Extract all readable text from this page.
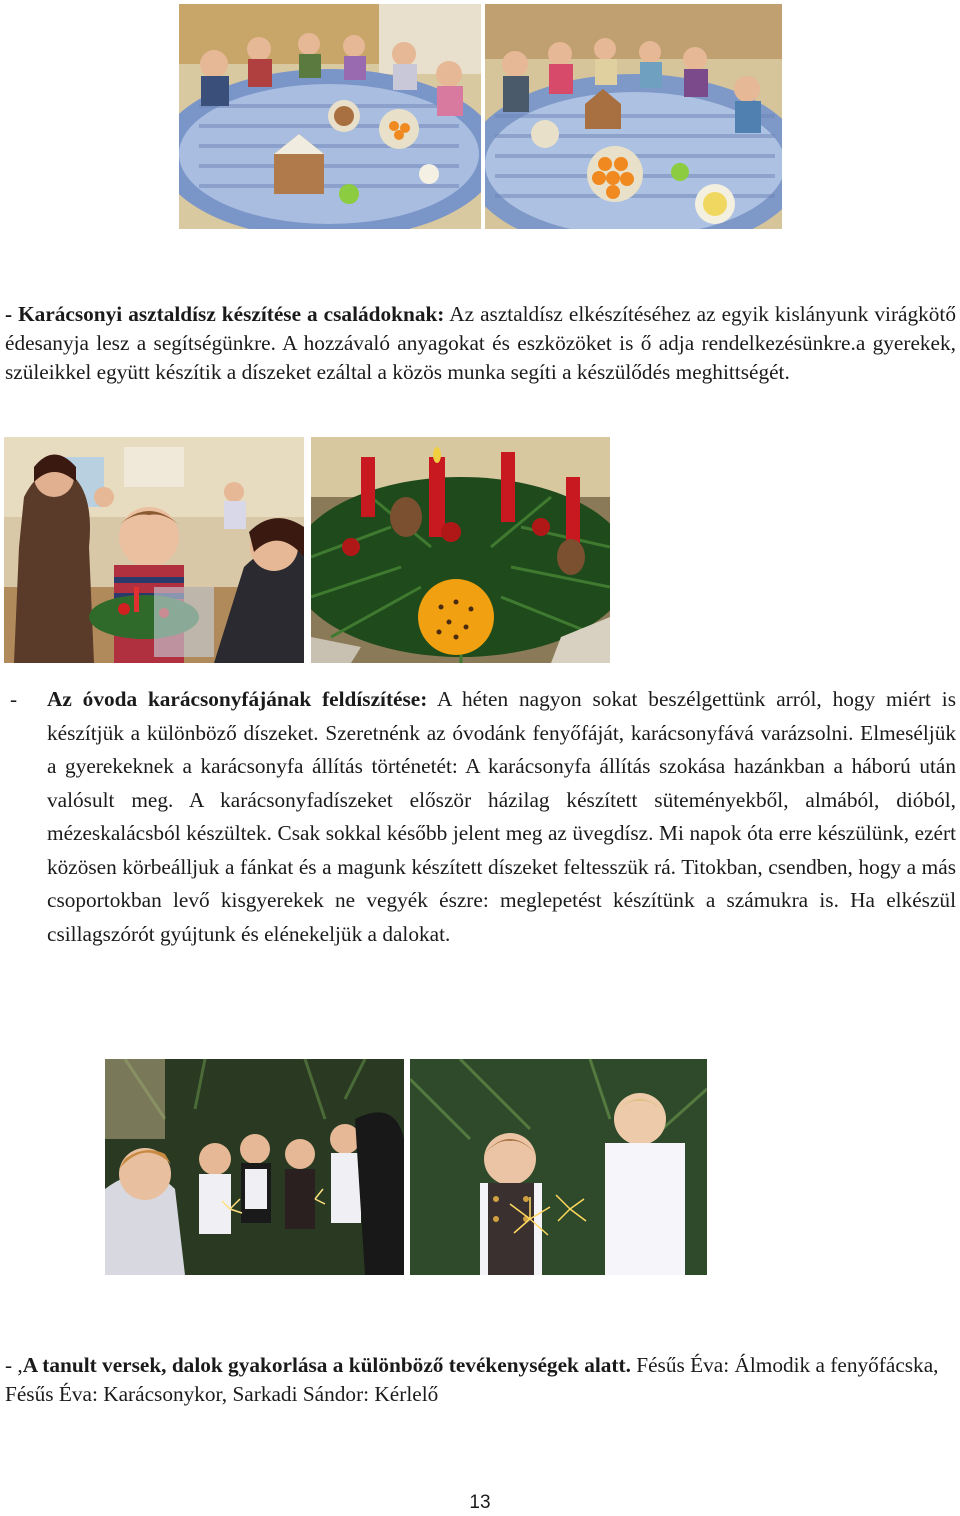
- Karácsonyi asztaldísz készítése a családoknak: Az asztaldísz elkészítéséhez az egyik kislányunk virágkötő édesanyja lesz a segítségünkre. A hozzávaló anyagokat és eszközöket is ő adja rendelkezésünkre.a gyerekek, szüleikkel együtt készítik a díszeket ezáltal a közös munka segíti a készülődés meghittségét.
- Az óvoda karácsonyfájának feldíszítése: A héten nagyon sokat beszélgettünk arról, hogy miért is készítjük a különböző díszeket. Szeretnénk az óvodánk fenyőfáját, karácsonyfává varázsolni. Elmeséljük a gyerekeknek a karácsonyfa állítás történetét: A karácsonyfa állítás szokása hazánkban a háború után valósult meg. A karácsonyfadíszeket először házilag készített süteményekből, almából, dióból, mézeskalácsból készültek. Csak sokkal később jelent meg az üvegdísz. Mi napok óta erre készülünk, ezért közösen körbeálljuk a fánkat és a magunk készített díszeket feltesszük rá. Titokban, csendben, hogy a más csoportokban levő kisgyerekek ne vegyék észre: meglepetést készítünk a számukra is. Ha elkészül csillagszórót gyújtunk és elénekeljük a dalokat.
- ,A tanult versek, dalok gyakorlása a különböző tevékenységek alatt. Fésűs Éva: Álmodik a fenyőfácska, Fésűs Éva: Karácsonykor, Sarkadi Sándor: Kérlelő
13
